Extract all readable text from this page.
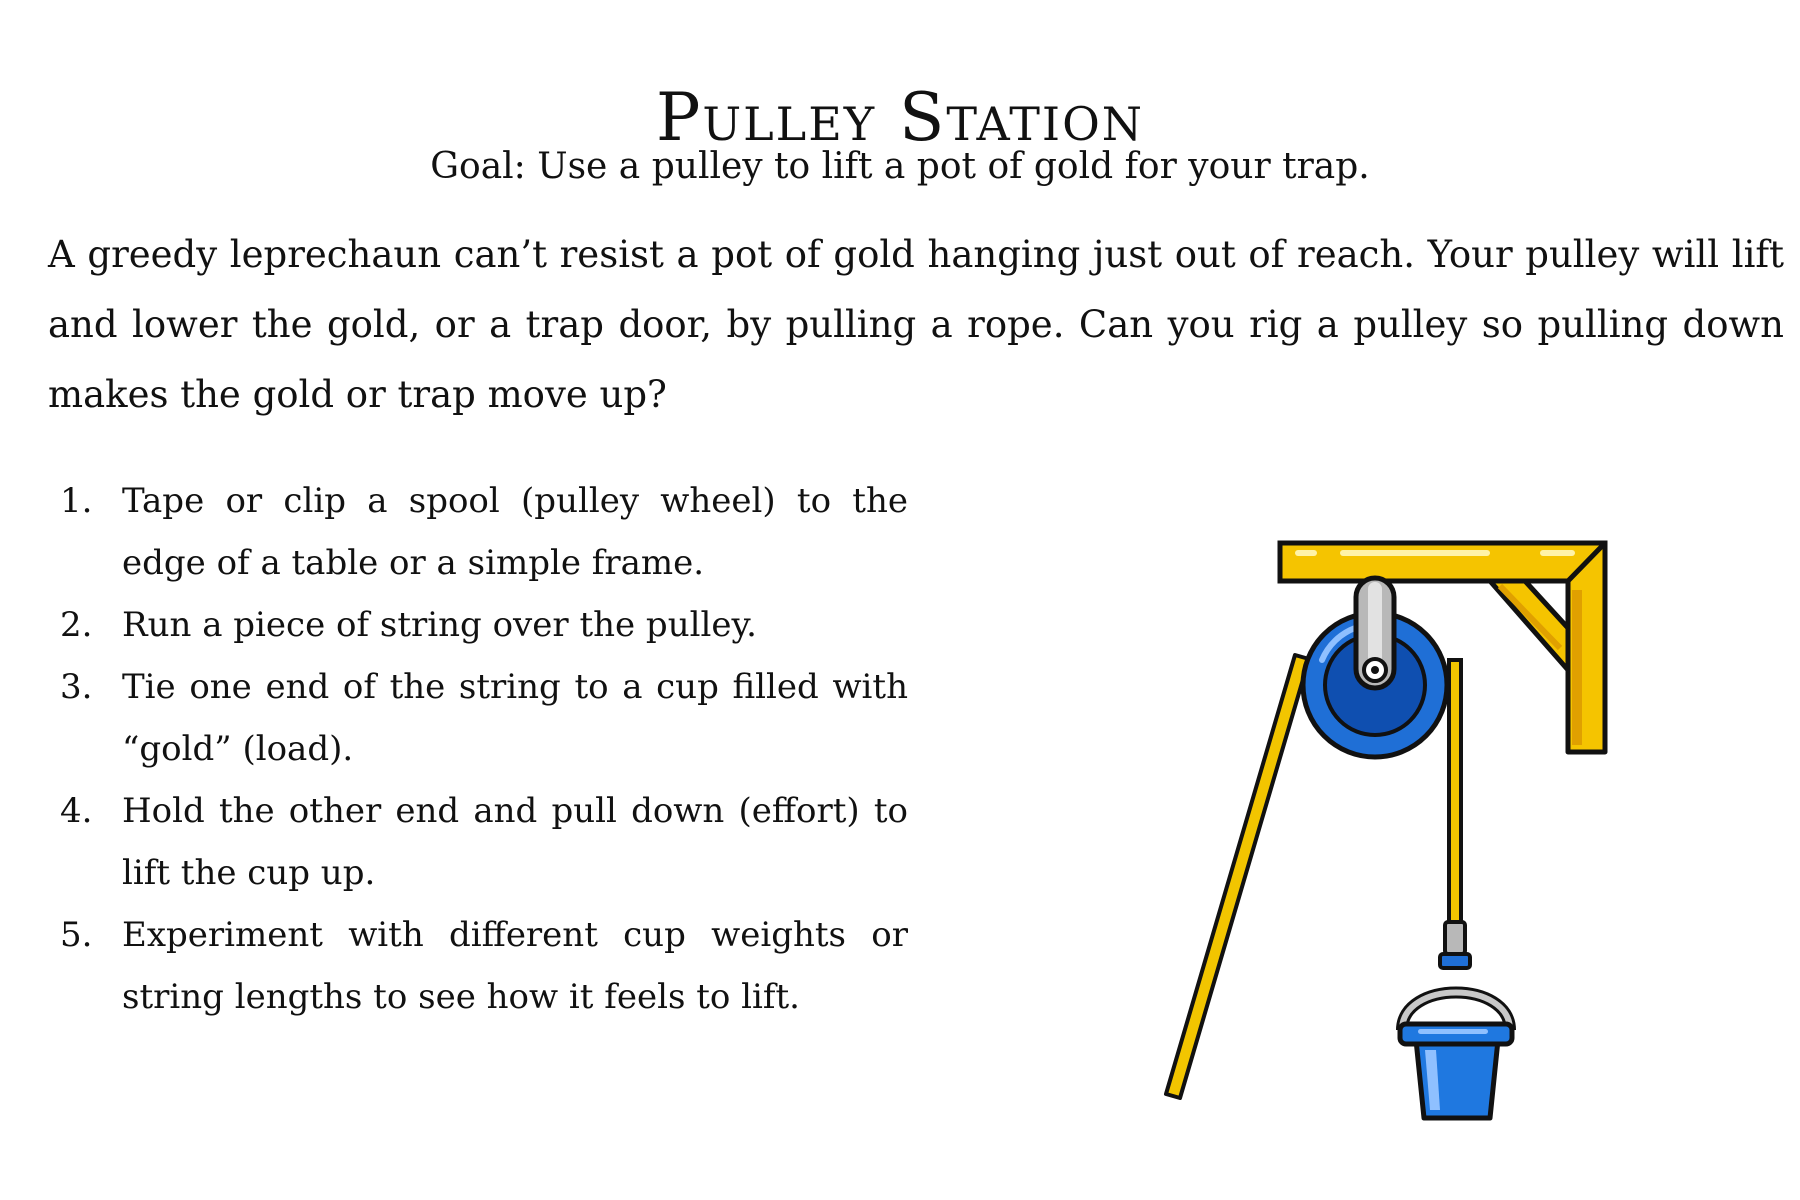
Pulley Station
Goal: Use a pulley to lift a pot of gold for your trap.

A greedy leprechaun can’t resist a pot of gold hanging just out of reach. Your pulley will lift and lower the gold, or a trap door, by pulling a rope. Can you rig a pulley so pulling down makes the gold or trap move up?

1. Tape or clip a spool (pulley wheel) to the edge of a table or a simple frame.
2. Run a piece of string over the pulley.
3. Tie one end of the string to a cup filled with “gold” (load).
4. Hold the other end and pull down (effort) to lift the cup up.
5. Experiment with different cup weights or string lengths to see how it feels to lift.
